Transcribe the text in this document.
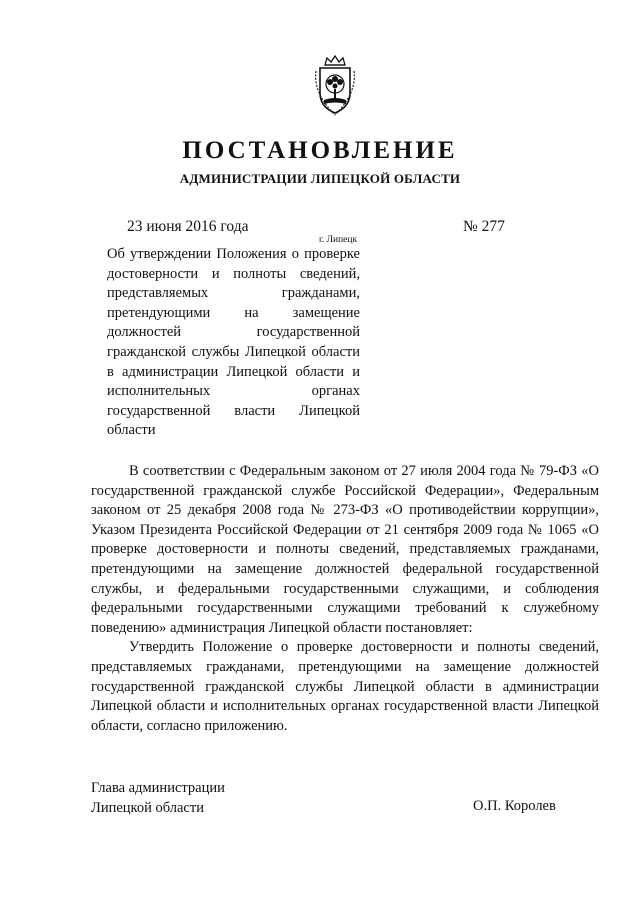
ПОСТАНОВЛЕНИЕ
АДМИНИСТРАЦИИ ЛИПЕЦКОЙ ОБЛАСТИ
23 июня 2016 года
г. Липецк
№ 277
Об утверждении Положения о проверке достоверности и полноты сведений, представляемых гражданами, претендующими на замещение должностей государственной гражданской службы Липецкой области в администрации Липецкой области и исполнительных органах государственной власти Липецкой области

В соответствии с Федеральным законом от 27 июля 2004 года № 79-ФЗ «О государственной гражданской службе Российской Федерации», Федеральным законом от 25 декабря 2008 года № 273-ФЗ «О противодействии коррупции», Указом Президента Российской Федерации от 21 сентября 2009 года № 1065 «О проверке достоверности и полноты сведений, представляемых гражданами, претендующими на замещение должностей федеральной государственной службы, и федеральными государственными служащими, и соблюдения федеральными государственными служащими требований к служебному поведению» администрация Липецкой области постановляет:

Утвердить Положение о проверке достоверности и полноты сведений, представляемых гражданами, претендующими на замещение должностей государственной гражданской службы Липецкой области в администрации Липецкой области и исполнительных органах государственной власти Липецкой области, согласно приложению.

Глава администрации
Липецкой области	О.П. Королев
